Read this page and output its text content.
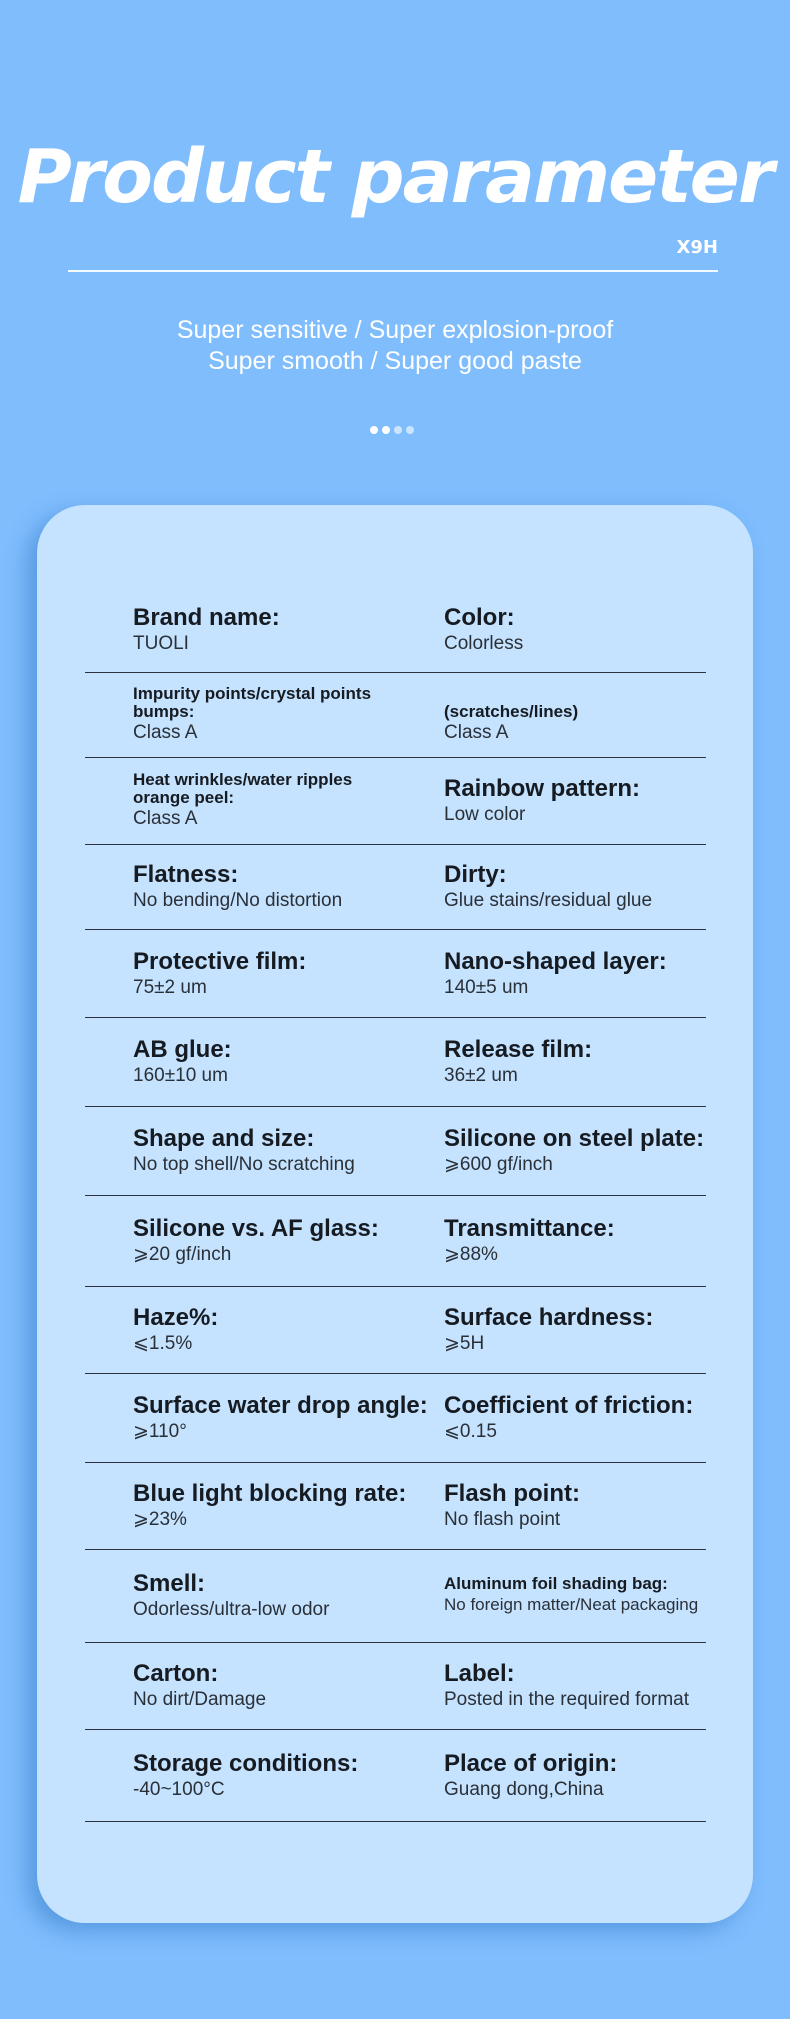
Product parameter
X9H
Super sensitive / Super explosion-proof
Super smooth / Super good paste
Brand name:
TUOLI
Color:
Colorless
Impurity points/crystal points
bumps:
Class A
(scratches/lines)
Class A
Heat wrinkles/water ripples
orange peel:
Class A
Rainbow pattern:
Low color
Flatness:
No bending/No distortion
Dirty:
Glue stains/residual glue
Protective film:
75±2 um
Nano-shaped layer:
140±5 um
AB glue:
160±10 um
Release film:
36±2 um
Shape and size:
No top shell/No scratching
Silicone on steel plate:
⩾600 gf/inch
Silicone vs. AF glass:
⩾20 gf/inch
Transmittance:
⩾88%
Haze%:
⩽1.5%
Surface hardness:
⩾5H
Surface water drop angle:
⩾110°
Coefficient of friction:
⩽0.15
Blue light blocking rate:
⩾23%
Flash point:
No flash point
Smell:
Odorless/ultra-low odor
Aluminum foil shading bag:
No foreign matter/Neat packaging
Carton:
No dirt/Damage
Label:
Posted in the required format
Storage conditions:
-40~100°C
Place of origin:
Guang dong,China
